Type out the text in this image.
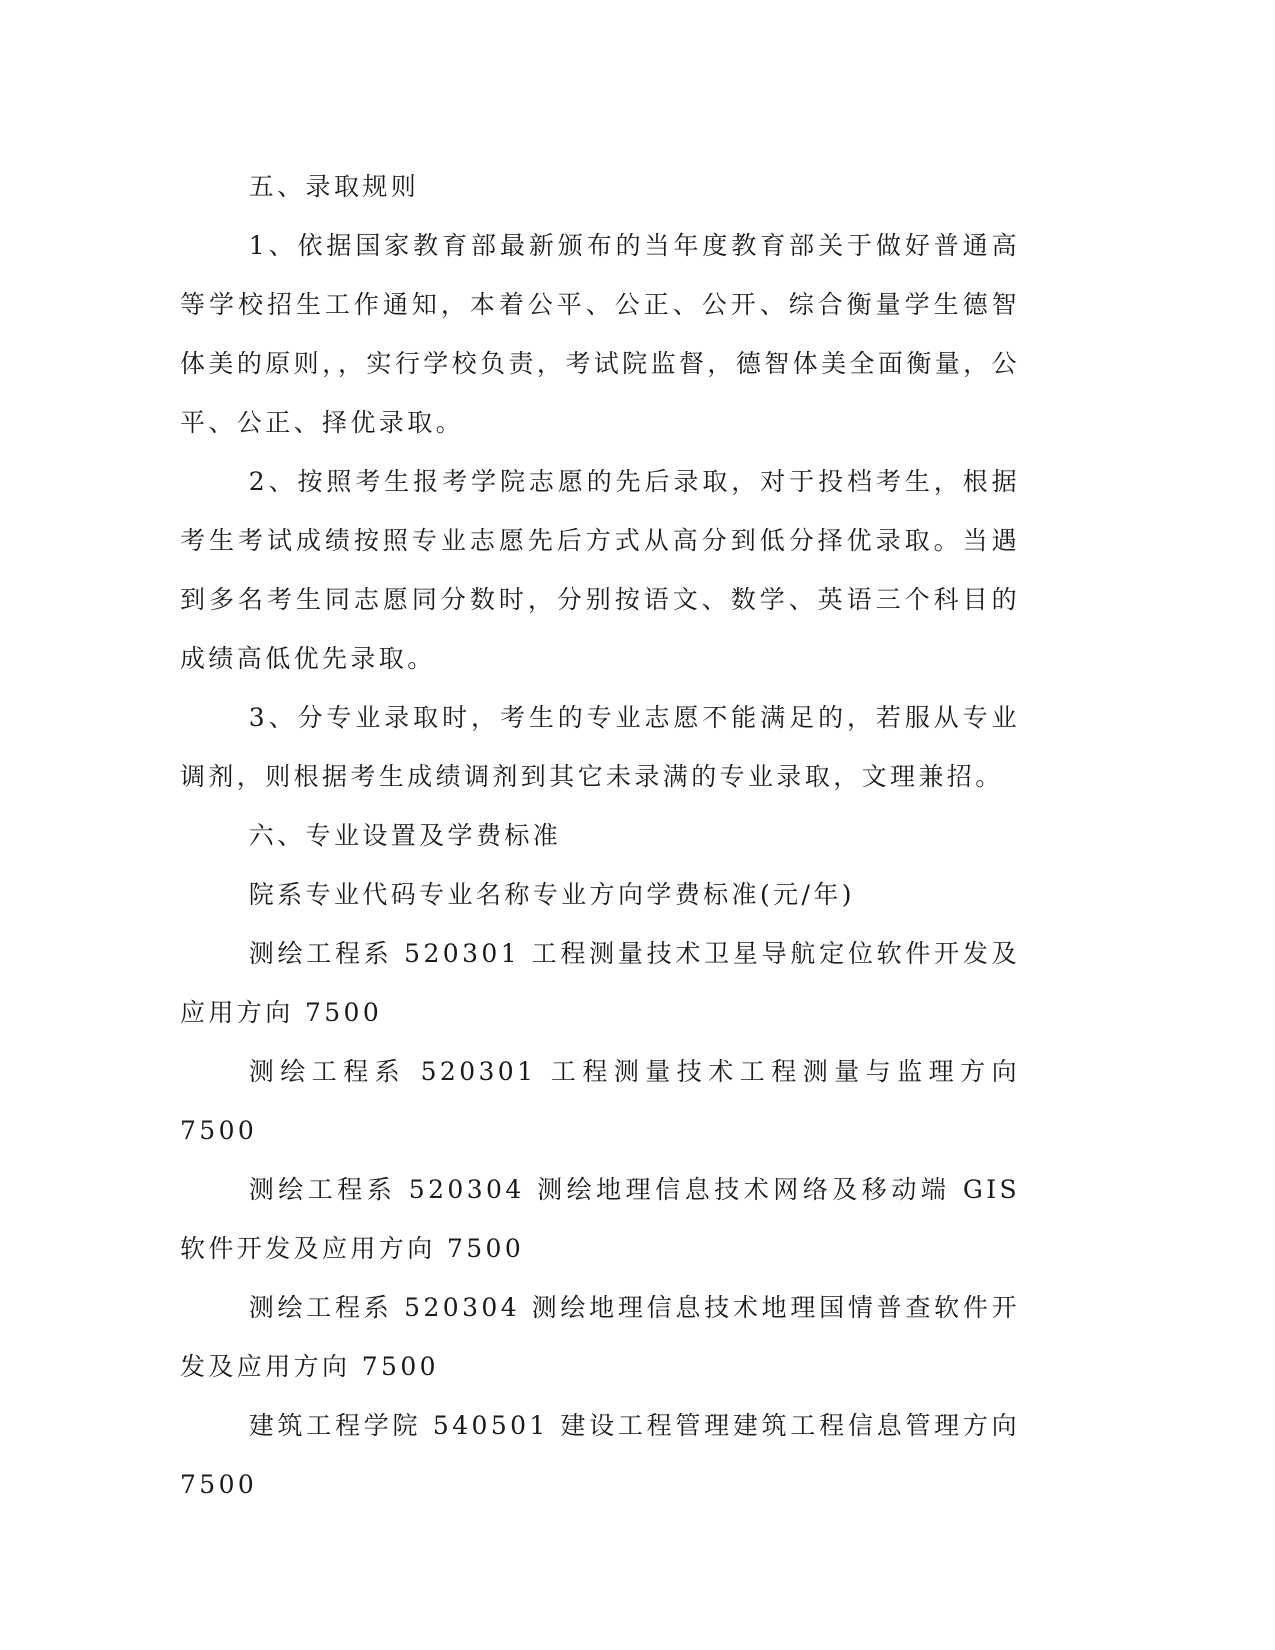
五、录取规则

1、依据国家教育部最新颁布的当年度教育部关于做好普通高等学校招生工作通知，本着公平、公正、公开、综合衡量学生德智体美的原则，，实行学校负责，考试院监督，德智体美全面衡量，公平、公正、择优录取。

2、按照考生报考学院志愿的先后录取，对于投档考生，根据考生考试成绩按照专业志愿先后方式从高分到低分择优录取。当遇到多名考生同志愿同分数时，分别按语文、数学、英语三个科目的成绩高低优先录取。

3、分专业录取时，考生的专业志愿不能满足的，若服从专业调剂，则根据考生成绩调剂到其它未录满的专业录取，文理兼招。

六、专业设置及学费标准

院系专业代码专业名称专业方向学费标准(元/年)

测绘工程系 520301 工程测量技术卫星导航定位软件开发及应用方向 7500

测绘工程系 520301 工程测量技术工程测量与监理方向 7500

测绘工程系 520304 测绘地理信息技术网络及移动端 GIS 软件开发及应用方向 7500

测绘工程系 520304 测绘地理信息技术地理国情普查软件开发及应用方向 7500

建筑工程学院 540501 建设工程管理建筑工程信息管理方向 7500
